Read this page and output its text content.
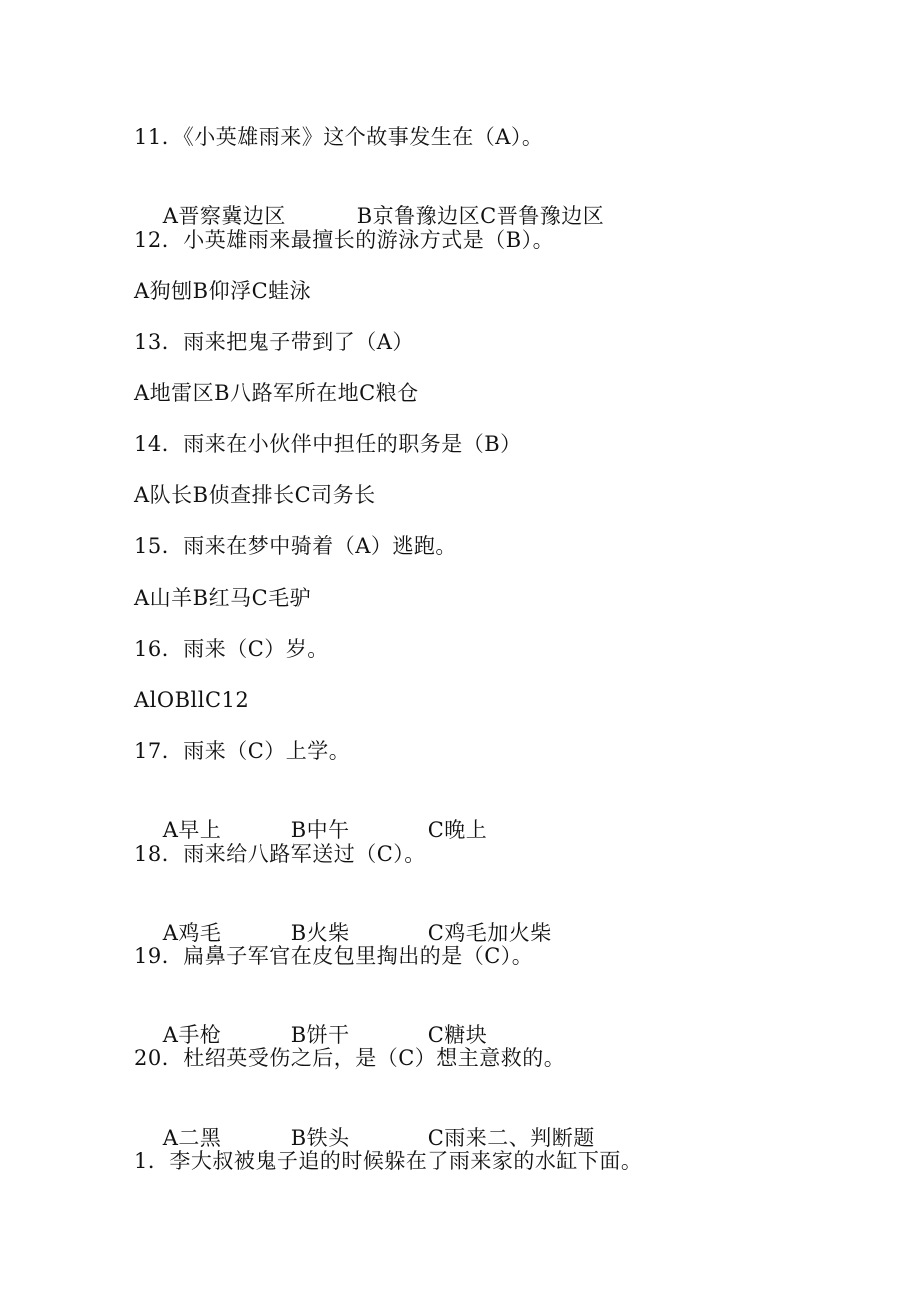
11．《小英雄雨来》这个故事发生在（A）。

A晋察冀边区	B京鲁豫边区C晋鲁豫边区

12．小英雄雨来最擅长的游泳方式是（B）。
A狗刨B仰浮C蛙泳
13．雨来把鬼子带到了（A）
A地雷区B八路军所在地C粮仓
14．雨来在小伙伴中担任的职务是（B）
A队长B侦查排长C司务长
15．雨来在梦中骑着（A）逃跑。
A山羊B红马C毛驴
16．雨来（C）岁。
AlOBllC12
17．雨来（C）上学。

A早上	B中午	C晚上

18．雨来给八路军送过（C）。

A鸡毛	B火柴	C鸡毛加火柴

19．扁鼻子军官在皮包里掏出的是（C）。

A手枪	B饼干	C糖块

20．杜绍英受伤之后，是（C）想主意救的。

A二黑	B铁头	C雨来二、判断题

1．李大叔被鬼子追的时候躲在了雨来家的水缸下面。
